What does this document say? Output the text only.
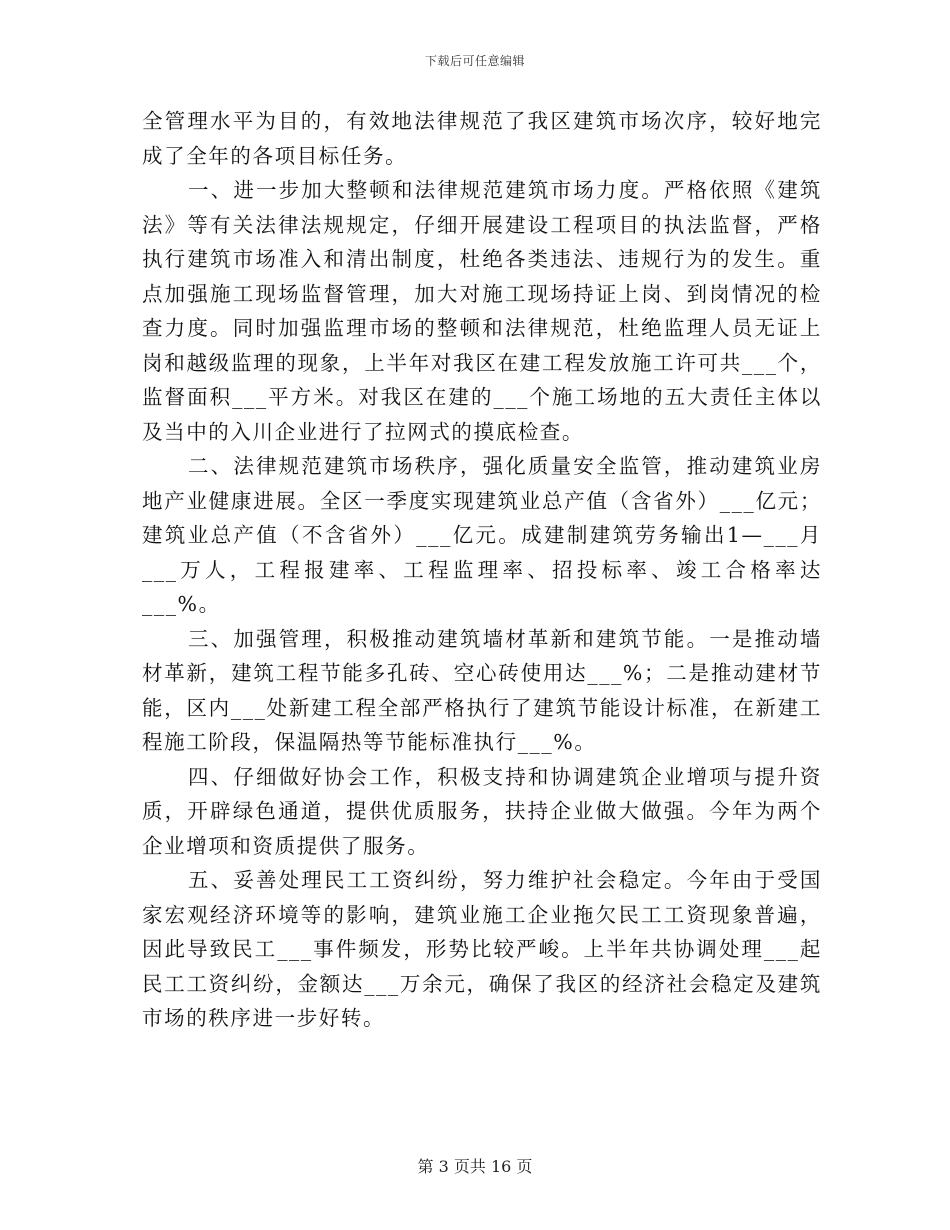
下载后可任意编辑

全管理水平为目的，有效地法律规范了我区建筑市场次序，较好地完成了全年的各项目标任务。

一、进一步加大整顿和法律规范建筑市场力度。严格依照《建筑法》等有关法律法规规定，仔细开展建设工程项目的执法监督，严格执行建筑市场准入和清出制度，杜绝各类违法、违规行为的发生。重点加强施工现场监督管理，加大对施工现场持证上岗、到岗情况的检查力度。同时加强监理市场的整顿和法律规范，杜绝监理人员无证上岗和越级监理的现象，上半年对我区在建工程发放施工许可共___个，监督面积___平方米。对我区在建的___个施工场地的五大责任主体以及当中的入川企业进行了拉网式的摸底检查。

二、法律规范建筑市场秩序，强化质量安全监管，推动建筑业房地产业健康进展。全区一季度实现建筑业总产值（含省外）___亿元；建筑业总产值（不含省外）___亿元。成建制建筑劳务输出1—___月___万人，工程报建率、工程监理率、招投标率、竣工合格率达___%。

三、加强管理，积极推动建筑墙材革新和建筑节能。一是推动墙材革新，建筑工程节能多孔砖、空心砖使用达___%；二是推动建材节能，区内___处新建工程全部严格执行了建筑节能设计标准，在新建工程施工阶段，保温隔热等节能标准执行___%。

四、仔细做好协会工作，积极支持和协调建筑企业增项与提升资质，开辟绿色通道，提供优质服务，扶持企业做大做强。今年为两个企业增项和资质提供了服务。

五、妥善处理民工工资纠纷，努力维护社会稳定。今年由于受国家宏观经济环境等的影响，建筑业施工企业拖欠民工工资现象普遍，因此导致民工___事件频发，形势比较严峻。上半年共协调处理___起民工工资纠纷，金额达___万余元，确保了我区的经济社会稳定及建筑市场的秩序进一步好转。

第 3 页共 16 页
